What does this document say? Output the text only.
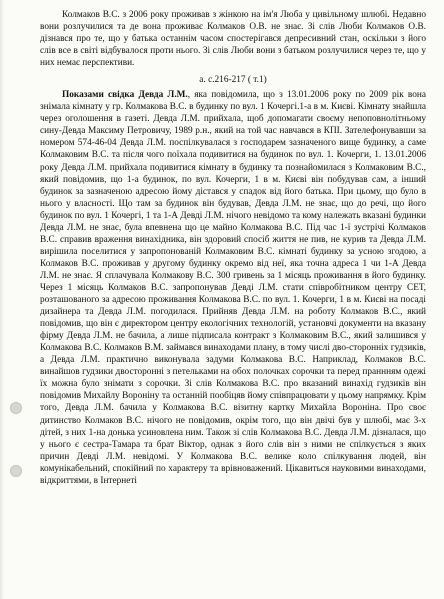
Колмаков В.С. з 2006 року проживав з жінкою на ім'я Люба у цивільному шлюбі. Недавно вони розлучилися та де вона проживає Колмаков О.В. не знає. Зі слів Люби Колмаков О.В. дізнався про те, що у батька останнім часом спостерігався депресивний стан, оскільки з його слів все в світі відбувалося проти нього. Зі слів Люби вони з батьком розлучилися через те, що у них немає перспективи.

а. с.216-217 ( т.1)

Показами свідка Девда Л.М., яка повідомила, що з 13.01.2006 року по 2009 рік вона знімала кімнату у гр. Колмакова В.С. в будинку по вул. 1 Кочергі.1-а в м. Києві. Кімнату знайшла через оголошення в газеті. Девда Л.М. прийхала, щоб допомагати своєму непоповнолітньому сину-Девда Максиму Петровичу, 1989 р.н., який на той час навчався в КПІ. Зателефонувавши за номером 574-46-04 Девда Л.М. поспілкувалася з господарем зазначеного вище будинку, а саме Колмаковим В.С. та після чого поїхала подивитися на будинок по вул. 1. Кочерги, 1. 13.01.2006 року Девда Л.М. прийхала подивитися кімнату в будинку та познайомилася з Колмаковим В.С., який повідомив, що 1-а будинок, по вул. Кочерги, 1 в м. Києві він побудував сам, а інший будинок за зазначеною адресою йому дістався у спадок від його батька. При цьому, що було в нього у власності. Що там за будинок він будував, Девда Л.М. не знає, що до речі, що його будинок по вул. 1 Кочергі, 1 та 1-А Девді Л.М. нічого невідомо та кому належать вказані будинки Девда Л.М. не знає, була впевнена що це майно Колмакова В.С. Під час 1-ї зустрічі Колмаков В.С. справив враження винахідника, він здоровий спосіб життя не пив, не курив та Девда Л.М. вирішила поселитися у запропонованій Колмаковим В.С. кімнаті будинку за усною згодою, а Колмаков В.С. проживав у другому будинку окремо від неї, яка точна адреса 1 чи 1-А Девда Л.М. не знає. Я сплачувала Колмакову В.С. 300 гривень за 1 місяць проживання в його будинку. Через 1 місяць Колмаков В.С. запропонував Девді Л.М. стати співробітником центру СЕТ, розташованого за адресою проживання Колмакова В.С. по вул. 1. Кочерги, 1 в м. Києві на посаді дизайнера та Девда Л.М. погодилася. Прийняв Девда Л.М. на роботу Колмаков В.С., який повідомив, що він є директором центру екологічних технологій, установчі документи на вказану фірму Девда Л.М. не бачила, а лише підписала контракт з Колмаковим В.С., який залишився у Колмакова В.С. Колмаков В.М. займався винаходами плану, в тому числі дво-сторонніх гудзиків, а Девда Л.М. практично виконувала задуми Колмакова В.С. Наприклад, Колмаков В.С. винайшов гудзики двосторонні з петельками на обох полочках сорочки та перед праннням одежі їх можна було знімати з сорочки. Зі слів Колмакова В.С. про вказаний винахід гудзиків він повідомив Михайлу Вороніну та останній пообіцяв йому співпрацювати у цьому напрямку. Крім того, Девда Л.М. бачила у Колмакова В.С. візитну картку Михайла Вороніна. Про своє дитинство Колмаков В.С. нічого не повідомив, окрім того, що він двічі був у шлюбі, має 3-х дітей, з них 1-на донька усиновлена ним. Також зі слів Колмакова В.С. Девда Л.М. дізналася, що у нього є сестра-Тамара та брат Віктор, однак з його слів він з ними не спілкується з яких причин Девді Л.М. невідомі. У Колмакова В.С. велике коло спілкування людей, він комунікабельний, спокійний по характеру та врівноважений. Цікавиться науковими винаходами, відкриттями, в Інтернеті
